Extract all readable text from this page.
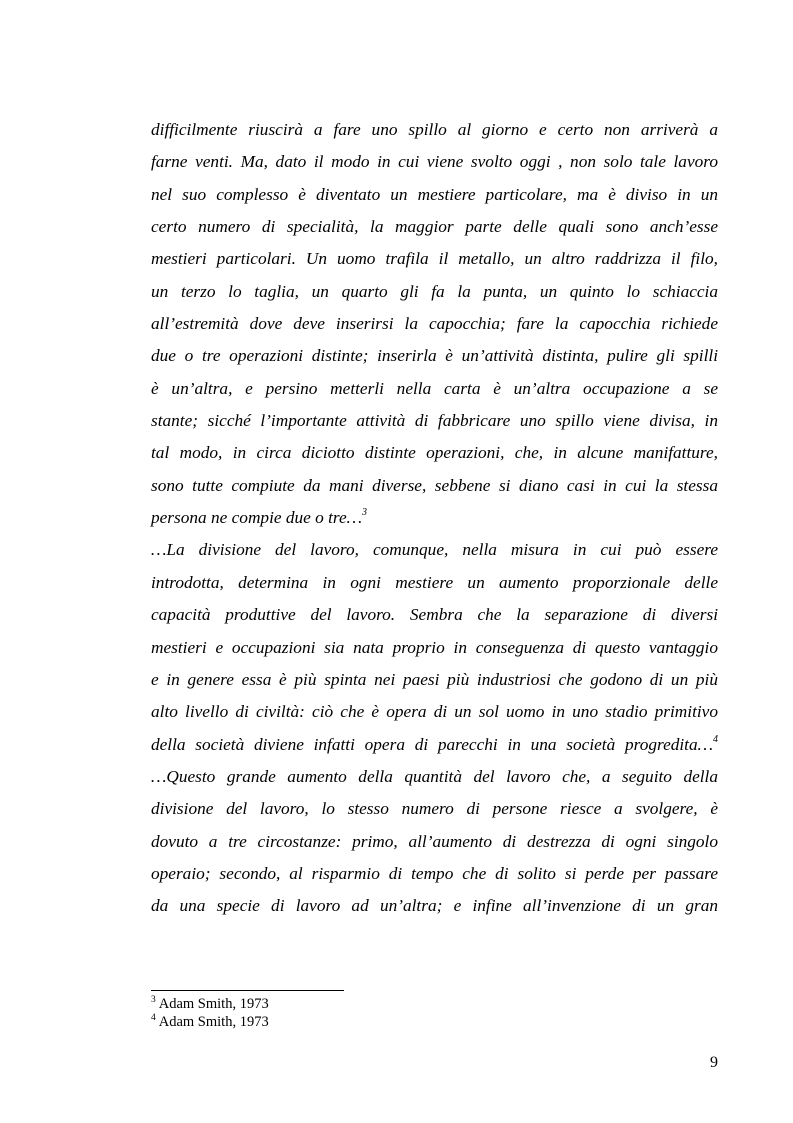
difficilmente riuscirà a fare uno spillo al giorno e certo non arriverà a
farne venti. Ma, dato il modo in cui viene svolto oggi , non solo tale lavoro
nel suo complesso è diventato un mestiere particolare, ma è diviso in un
certo numero di specialità, la maggior parte delle quali sono anch’esse
mestieri particolari. Un uomo trafila il metallo, un altro raddrizza il filo,
un terzo lo taglia, un quarto gli fa la punta, un quinto lo schiaccia
all’estremità dove deve inserirsi la capocchia; fare la capocchia richiede
due o tre operazioni distinte; inserirla è un’attività distinta, pulire gli spilli
è un’altra, e persino metterli nella carta è un’altra occupazione a se
stante; sicché l’importante attività di fabbricare uno spillo viene divisa, in
tal modo, in circa diciotto distinte operazioni, che, in alcune manifatture,
sono tutte compiute da mani diverse, sebbene si diano casi in cui la stessa
persona ne compie due o tre…$^3$
…La divisione del lavoro, comunque, nella misura in cui può essere
introdotta, determina in ogni mestiere un aumento proporzionale delle
capacità produttive del lavoro. Sembra che la separazione di diversi
mestieri e occupazioni sia nata proprio in conseguenza di questo vantaggio
e in genere essa è più spinta nei paesi più industriosi che godono di un più
alto livello di civiltà: ciò che è opera di un sol uomo in uno stadio primitivo
della società diviene infatti opera di parecchi in una società progredita…$^4$
…Questo grande aumento della quantità del lavoro che, a seguito della
divisione del lavoro, lo stesso numero di persone riesce a svolgere, è
dovuto a tre circostanze: primo, all’aumento di destrezza di ogni singolo
operaio; secondo, al risparmio di tempo che di solito si perde per passare
da una specie di lavoro ad un’altra; e infine all’invenzione di un gran
$^3$ Adam Smith, 1973
$^4$ Adam Smith, 1973
9
